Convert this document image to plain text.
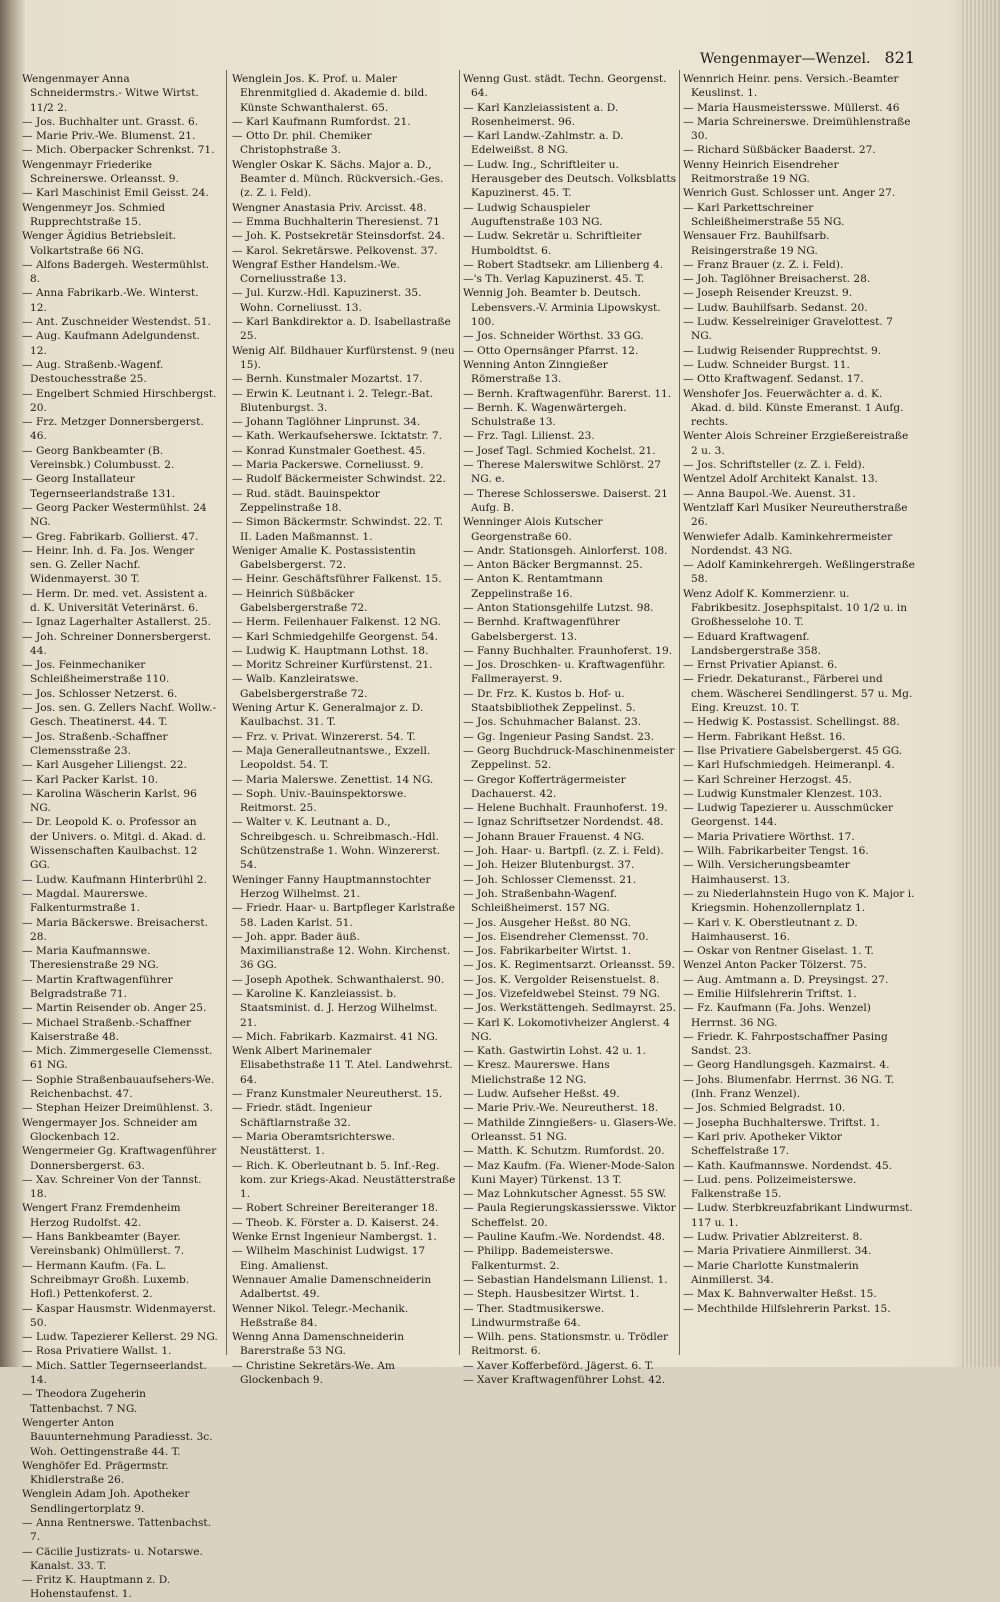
Wengenmayer—Wenzel. 821
Wengenmayer Anna Schneidermstrs.- Witwe Wirtst. 11/2 2.
— Jos. Buchhalter unt. Grasst. 6.
— Marie Priv.-We. Blumenst. 21.
— Mich. Oberpacker Schrenkst. 71.
Wengenmayr Friederike Schreinerswe. Orleansst. 9.
— Karl Maschinist Emil Geisst. 24.
Wengenmeyr Jos. Schmied Rupprechtstraße 15.
Wenger Ägidius Betriebsleit. Volkartstraße 66 NG.
— Alfons Badergeh. Westermühlst. 8.
— Anna Fabrikarb.-We. Winterst. 12.
— Ant. Zuschneider Westendst. 51.
— Aug. Kaufmann Adelgundenst. 12.
— Aug. Straßenb.-Wagenf. Destouchesstraße 25.
— Engelbert Schmied Hirschbergst. 20.
— Frz. Metzger Donnersbergerst. 46.
— Georg Bankbeamter (B. Vereinsbk.) Columbusst. 2.
— Georg Installateur Tegernseerlandstraße 131.
— Georg Packer Westermühlst. 24 NG.
— Greg. Fabrikarb. Gollierst. 47.
— Heinr. Inh. d. Fa. Jos. Wenger sen. G. Zeller Nachf. Widenmayerst. 30 T.
— Herm. Dr. med. vet. Assistent a. d. K. Universität Veterinärst. 6.
— Ignaz Lagerhalter Astallerst. 25.
— Joh. Schreiner Donnersbergerst. 44.
— Jos. Feinmechaniker Schleißheimerstraße 110.
— Jos. Schlosser Netzerst. 6.
— Jos. sen. G. Zellers Nachf. Wollw.-Gesch. Theatinerst. 44. T.
— Jos. Straßenb.-Schaffner Clemensstraße 23.
— Karl Ausgeher Liliengst. 22.
— Karl Packer Karlst. 10.
— Karolina Wäscherin Karlst. 96 NG.
— Dr. Leopold K. o. Professor an der Univers. o. Mitgl. d. Akad. d. Wissenschaften Kaulbachst. 12 GG.
— Ludw. Kaufmann Hinterbrühl 2.
— Magdal. Maurerswe. Falkenturmstraße 1.
— Maria Bäckerswe. Breisacherst. 28.
— Maria Kaufmannswe. Theresienstraße 29 NG.
— Martin Kraftwagenführer Belgradstraße 71.
— Martin Reisender ob. Anger 25.
— Michael Straßenb.-Schaffner Kaiserstraße 48.
— Mich. Zimmergeselle Clemensst. 61 NG.
— Sophie Straßenbauaufsehers-We. Reichenbachst. 47.
— Stephan Heizer Dreimühlenst. 3.
Wengermayer Jos. Schneider am Glockenbach 12.
Wengermeier Gg. Kraftwagenführer Donnersbergerst. 63.
— Xav. Schreiner Von der Tannst. 18.
Wengert Franz Fremdenheim Herzog Rudolfst. 42.
— Hans Bankbeamter (Bayer. Vereinsbank) Ohlmüllerst. 7.
— Hermann Kaufm. (Fa. L. Schreibmayr Großh. Luxemb. Hofl.) Pettenkoferst. 2.
— Kaspar Hausmstr. Widenmayerst. 50.
— Ludw. Tapezierer Kellerst. 29 NG.
— Rosa Privatiere Wallst. 1.
— Mich. Sattler Tegernseerlandst. 14.
— Theodora Zugeherin Tattenbachst. 7 NG.
Wengerter Anton Bauunternehmung Paradiesst. 3c. Woh. Oettingenstraße 44. T.
Wenghöfer Ed. Prägermstr. Khidlerstraße 26.
Wenglein Adam Joh. Apotheker Sendlingertorplatz 9.
— Anna Rentnerswe. Tattenbachst. 7.
— Cäcilie Justizrats- u. Notarswe. Kanalst. 33. T.
— Fritz K. Hauptmann z. D. Hohenstaufenst. 1.
Wenglein Jos. K. Prof. u. Maler Ehrenmitglied d. Akademie d. bild. Künste Schwanthalerst. 65.
— Karl Kaufmann Rumfordst. 21.
— Otto Dr. phil. Chemiker Christophstraße 3.
Wengler Oskar K. Sächs. Major a. D., Beamter d. Münch. Rückversich.-Ges. (z. Z. i. Feld).
Wengner Anastasia Priv. Arcisst. 48.
— Emma Buchhalterin Theresienst. 71
— Joh. K. Postsekretär Steinsdorfst. 24.
— Karol. Sekretärswe. Pelkovenst. 37.
Wengraf Esther Handelsm.-We. Corneliusstraße 13.
— Jul. Kurzw.-Hdl. Kapuzinerst. 35. Wohn. Corneliusst. 13.
— Karl Bankdirektor a. D. Isabellastraße 25.
Wenig Alf. Bildhauer Kurfürstenst. 9 (neu 15).
— Bernh. Kunstmaler Mozartst. 17.
— Erwin K. Leutnant i. 2. Telegr.-Bat. Blutenburgst. 3.
— Johann Taglöhner Linprunst. 34.
— Kath. Werkaufseherswe. Icktatstr. 7.
— Konrad Kunstmaler Goethest. 45.
— Maria Packerswe. Corneliusst. 9.
— Rudolf Bäckermeister Schwindst. 22.
— Rud. städt. Bauinspektor Zeppelinstraße 18.
— Simon Bäckermstr. Schwindst. 22. T. II. Laden Maßmannst. 1.
Weniger Amalie K. Postassistentin Gabelsbergerst. 72.
— Heinr. Geschäftsführer Falkenst. 15.
— Heinrich Süßbäcker Gabelsbergerstraße 72.
— Herm. Feilenhauer Falkenst. 12 NG.
— Karl Schmiedgehilfe Georgenst. 54.
— Ludwig K. Hauptmann Lothst. 18.
— Moritz Schreiner Kurfürstenst. 21.
— Walb. Kanzleiratswe. Gabelsbergerstraße 72.
Wening Artur K. Generalmajor z. D. Kaulbachst. 31. T.
— Frz. v. Privat. Winzererst. 54. T.
— Maja Generalleutnantswe., Exzell. Leopoldst. 54. T.
— Maria Malerswe. Zenettist. 14 NG.
— Soph. Univ.-Bauinspektorswe. Reitmorst. 25.
— Walter v. K. Leutnant a. D., Schreibgesch. u. Schreibmasch.-Hdl. Schützenstraße 1. Wohn. Winzererst. 54.
Weninger Fanny Hauptmannstochter Herzog Wilhelmst. 21.
— Friedr. Haar- u. Bartpfleger Karlstraße 58. Laden Karlst. 51.
— Joh. appr. Bader äuß. Maximilianstraße 12. Wohn. Kirchenst. 36 GG.
— Joseph Apothek. Schwanthalerst. 90.
— Karoline K. Kanzleiassist. b. Staatsminist. d. J. Herzog Wilhelmst. 21.
— Mich. Fabrikarb. Kazmairst. 41 NG.
Wenk Albert Marinemaler Elisabethstraße 11 T. Atel. Landwehrst. 64.
— Franz Kunstmaler Neureutherst. 15.
— Friedr. städt. Ingenieur Schäftlarnstraße 32.
— Maria Oberamtsrichterswe. Neustätterst. 1.
— Rich. K. Oberleutnant b. 5. Inf.-Reg. kom. zur Kriegs-Akad. Neustätterstraße 1.
— Robert Schreiner Bereiteranger 18.
— Theob. K. Förster a. D. Kaiserst. 24.
Wenke Ernst Ingenieur Nambergst. 1.
— Wilhelm Maschinist Ludwigst. 17 Eing. Amalienst.
Wennauer Amalie Damenschneiderin Adalbertst. 49.
Wenner Nikol. Telegr.-Mechanik. Heßstraße 84.
Wenng Anna Damenschneiderin Barerstraße 53 NG.
— Christine Sekretärs-We. Am Glockenbach 9.
Wenng Gust. städt. Techn. Georgenst. 64.
— Karl Kanzleiassistent a. D. Rosenheimerst. 96.
— Karl Landw.-Zahlmstr. a. D. Edelweißst. 8 NG.
— Ludw. Ing., Schriftleiter u. Herausgeber des Deutsch. Volksblatts Kapuzinerst. 45. T.
— Ludwig Schauspieler Auguftenstraße 103 NG.
— Ludw. Sekretär u. Schriftleiter Humboldtst. 6.
— Robert Stadtsekr. am Lilienberg 4.
—'s Th. Verlag Kapuzinerst. 45. T.
Wennig Joh. Beamter b. Deutsch. Lebensvers.-V. Arminia Lipowskyst. 100.
— Jos. Schneider Wörthst. 33 GG.
— Otto Opernsänger Pfarrst. 12.
Wenning Anton Zinngießer Römerstraße 13.
— Bernh. Kraftwagenführ. Barerst. 11.
— Bernh. K. Wagenwärtergeh. Schulstraße 13.
— Frz. Tagl. Lilienst. 23.
— Josef Tagl. Schmied Kochelst. 21.
— Therese Malerswitwe Schlörst. 27 NG. e.
— Therese Schlosserswe. Daiserst. 21 Aufg. B.
Wenninger Alois Kutscher Georgenstraße 60.
— Andr. Stationsgeh. Ainlorferst. 108.
— Anton Bäcker Bergmannst. 25.
— Anton K. Rentamtmann Zeppelinstraße 16.
— Anton Stationsgehilfe Lutzst. 98.
— Bernhd. Kraftwagenführer Gabelsbergerst. 13.
— Fanny Buchhalter. Fraunhoferst. 19.
— Jos. Droschken- u. Kraftwagenführ. Fallmerayerst. 9.
— Dr. Frz. K. Kustos b. Hof- u. Staatsbibliothek Zeppelinst. 5.
— Jos. Schuhmacher Balanst. 23.
— Gg. Ingenieur Pasing Sandst. 23.
— Georg Buchdruck-Maschinenmeister Zeppelinst. 52.
— Gregor Kofferträgermeister Dachauerst. 42.
— Helene Buchhalt. Fraunhoferst. 19.
— Ignaz Schriftsetzer Nordendst. 48.
— Johann Brauer Frauenst. 4 NG.
— Joh. Haar- u. Bartpfl. (z. Z. i. Feld).
— Joh. Heizer Blutenburgst. 37.
— Joh. Schlosser Clemensst. 21.
— Joh. Straßenbahn-Wagenf. Schleißheimerst. 157 NG.
— Jos. Ausgeher Heßst. 80 NG.
— Jos. Eisendreher Clemensst. 70.
— Jos. Fabrikarbeiter Wirtst. 1.
— Jos. K. Regimentsarzt. Orleansst. 59.
— Jos. K. Vergolder Reisenstuelst. 8.
— Jos. Vizefeldwebel Steinst. 79 NG.
— Jos. Werkstättengeh. Sedlmayrst. 25.
— Karl K. Lokomotivheizer Anglerst. 4 NG.
— Kath. Gastwirtin Lohst. 42 u. 1.
— Kresz. Maurerswe. Hans Mielichstraße 12 NG.
— Ludw. Aufseher Heßst. 49.
— Marie Priv.-We. Neureutherst. 18.
— Mathilde Zinngießers- u. Glasers-We. Orleansst. 51 NG.
— Matth. K. Schutzm. Rumfordst. 20.
— Maz Kaufm. (Fa. Wiener-Mode-Salon Kuni Mayer) Türkenst. 13 T.
— Maz Lohnkutscher Agnesst. 55 SW.
— Paula Regierungskassiersswe. Viktor Scheffelst. 20.
— Pauline Kaufm.-We. Nordendst. 48.
— Philipp. Bademeisterswe. Falkenturmst. 2.
— Sebastian Handelsmann Lilienst. 1.
— Steph. Hausbesitzer Wirtst. 1.
— Ther. Stadtmusikerswe. Lindwurmstraße 64.
— Wilh. pens. Stationsmstr. u. Trödler Reitmorst. 6.
— Xaver Kofferbeförd. Jägerst. 6. T.
— Xaver Kraftwagenführer Lohst. 42.
Wennrich Heinr. pens. Versich.-Beamter Keuslinst. 1.
— Maria Hausmeistersswe. Müllerst. 46
— Maria Schreinerswe. Dreimühlenstraße 30.
— Richard Süßbäcker Baaderst. 27.
Wenny Heinrich Eisendreher Reitmorstraße 19 NG.
Wenrich Gust. Schlosser unt. Anger 27.
— Karl Parkettschreiner Schleißheimerstraße 55 NG.
Wensauer Frz. Bauhilfsarb. Reisingerstraße 19 NG.
— Franz Brauer (z. Z. i. Feld).
— Joh. Taglöhner Breisacherst. 28.
— Joseph Reisender Kreuzst. 9.
— Ludw. Bauhilfsarb. Sedanst. 20.
— Ludw. Kesselreiniger Gravelottest. 7 NG.
— Ludwig Reisender Rupprechtst. 9.
— Ludw. Schneider Burgst. 11.
— Otto Kraftwagenf. Sedanst. 17.
Wenshofer Jos. Feuerwächter a. d. K. Akad. d. bild. Künste Emeranst. 1 Aufg. rechts.
Wenter Alois Schreiner Erzgießereistraße 2 u. 3.
— Jos. Schriftsteller (z. Z. i. Feld).
Wentzel Adolf Architekt Kanalst. 13.
— Anna Baupol.-We. Auenst. 31.
Wentzlaff Karl Musiker Neureutherstraße 26.
Wenwiefer Adalb. Kaminkehrermeister Nordendst. 43 NG.
— Adolf Kaminkehrergeh. Weßlingerstraße 58.
Wenz Adolf K. Kommerzienr. u. Fabrikbesitz. Josephspitalst. 10 1/2 u. in Großhesselohe 10. T.
— Eduard Kraftwagenf. Landsbergerstraße 358.
— Ernst Privatier Apianst. 6.
— Friedr. Dekaturanst., Färberei und chem. Wäscherei Sendlingerst. 57 u. Mg. Eing. Kreuzst. 10. T.
— Hedwig K. Postassist. Schellingst. 88.
— Herm. Fabrikant Heßst. 16.
— Ilse Privatiere Gabelsbergerst. 45 GG.
— Karl Hufschmiedgeh. Heimeranpl. 4.
— Karl Schreiner Herzogst. 45.
— Ludwig Kunstmaler Klenzest. 103.
— Ludwig Tapezierer u. Ausschmücker Georgenst. 144.
— Maria Privatiere Wörthst. 17.
— Wilh. Fabrikarbeiter Tengst. 16.
— Wilh. Versicherungsbeamter Haimhauserst. 13.
— zu Niederlahnstein Hugo von K. Major i. Kriegsmin. Hohenzollernplatz 1.
— Karl v. K. Oberstleutnant z. D. Haimhauserst. 16.
— Oskar von Rentner Giselast. 1. T.
Wenzel Anton Packer Tölzerst. 75.
— Aug. Amtmann a. D. Preysingst. 27.
— Emilie Hilfslehrerin Triftst. 1.
— Fz. Kaufmann (Fa. Johs. Wenzel) Herrnst. 36 NG.
— Friedr. K. Fahrpostschaffner Pasing Sandst. 23.
— Georg Handlungsgeh. Kazmairst. 4.
— Johs. Blumenfabr. Herrnst. 36 NG. T. (Inh. Franz Wenzel).
— Jos. Schmied Belgradst. 10.
— Josepha Buchhalterswe. Triftst. 1.
— Karl priv. Apotheker Viktor Scheffelstraße 17.
— Kath. Kaufmannswe. Nordendst. 45.
— Lud. pens. Polizeimeisterswe. Falkenstraße 15.
— Ludw. Sterbkreuzfabrikant Lindwurmst. 117 u. 1.
— Ludw. Privatier Ablzreiterst. 8.
— Maria Privatiere Ainmillerst. 34.
— Marie Charlotte Kunstmalerin Ainmillerst. 34.
— Max K. Bahnverwalter Heßst. 15.
— Mechthilde Hilfslehrerin Parkst. 15.
